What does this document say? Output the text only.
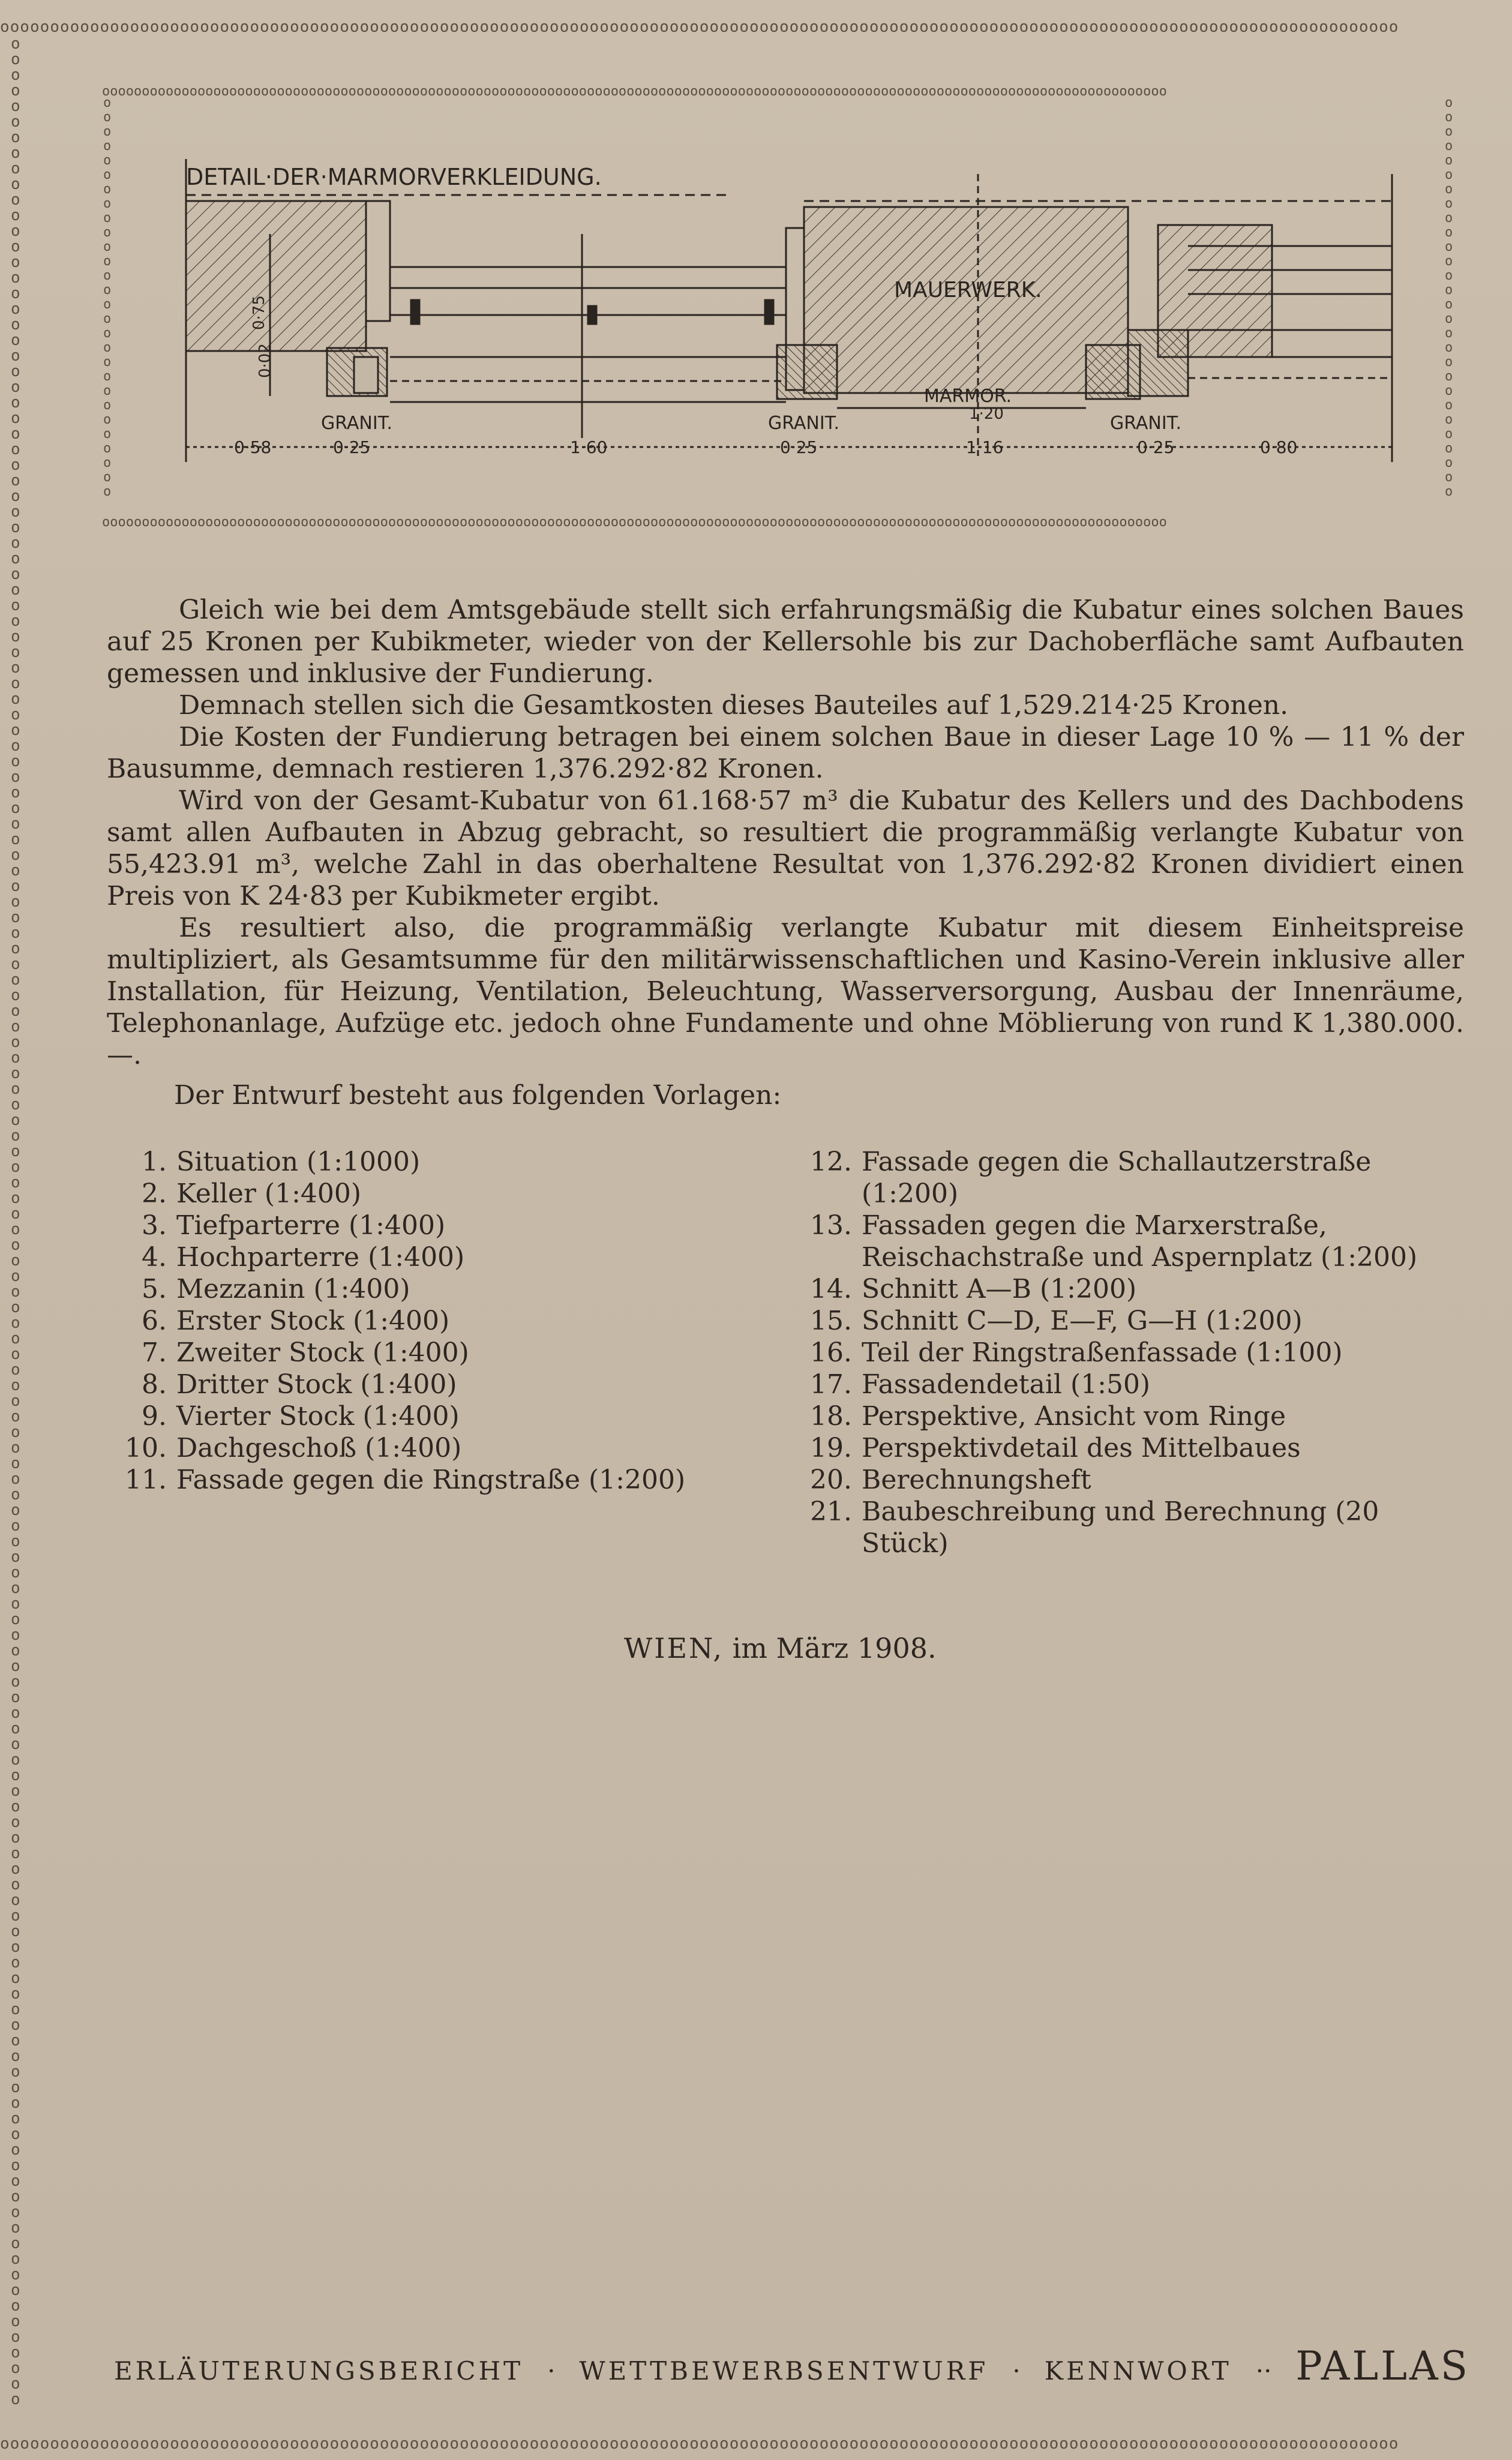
oooooooooooooooooooooooooooooooooooooooooooooooooooooooooooooooooooooooooooooooooooooooooooooooooooooooooooooooooooooooooooooooooooooooooooo
oooooooooooooooooooooooooooooooooooooooooooooooooooooooooooooooooooooooooooooooooooooooooooooooooooooooooooooooooooooooooooooooooooooooooooo
oooooooooooooooooooooooooooooooooooooooooooooooooooooooooooooooooooooooooooooooooooooooooooooooooooooooooooooooooooooooooooooooooooooooooooooooooooooooo
oooooooooooooooooooooooooooooooooooooooooooooooooooooooooooooooooooooooooooooooooooooooooooooooooooooooooooooooooooooooooooooooooooooo
oooooooooooooooooooooooooooooooooooooooooooooooooooooooooooooooooooooooooooooooooooooooooooooooooooooooooooooooooooooooooooooooooooooo
oooooooooooooooooooooooooooo
oooooooooooooooooooooooooooo
DETAIL·DER·MARMORVERKLEIDUNG.
MAUERWERK.
MARMOR.
1·20
GRANIT.	GRANIT.	GRANIT.
0·75
0·02
0·58	0·25	1·60	0·25	1·16	0·25	0·80

Gleich wie bei dem Amtsgebäude stellt sich erfahrungsmäßig die Kubatur eines solchen Baues auf 25 Kronen per Kubikmeter, wieder von der Kellersohle bis zur Dachoberfläche samt Aufbauten gemessen und inklusive der Fundierung.

Demnach stellen sich die Gesamtkosten dieses Bauteiles auf 1,529.214·25 Kronen.

Die Kosten der Fundierung betragen bei einem solchen Baue in dieser Lage 10 % — 11 % der Bausumme, demnach restieren 1,376.292·82 Kronen.

Wird von der Gesamt-Kubatur von 61.168·57 m³ die Kubatur des Kellers und des Dachbodens samt allen Aufbauten in Abzug gebracht, so resultiert die programmäßig verlangte Kubatur von 55,423.91 m³, welche Zahl in das oberhaltene Resultat von 1,376.292·82 Kronen dividiert einen Preis von K 24·83 per Kubikmeter ergibt.

Es resultiert also, die programmäßig verlangte Kubatur mit diesem Einheitspreise multipliziert, als Gesamtsumme für den militärwissenschaftlichen und Kasino-Verein inklusive aller Installation, für Heizung, Ventilation, Beleuchtung, Wasserversorgung, Ausbau der Innenräume, Telephonanlage, Aufzüge etc. jedoch ohne Fundamente und ohne Möblierung von rund K 1,380.000.—.

Der Entwurf besteht aus folgenden Vorlagen:
1. Situation (1:1000)
2. Keller (1:400)
3. Tiefparterre (1:400)
4. Hochparterre (1:400)
5. Mezzanin (1:400)
6. Erster Stock (1:400)
7. Zweiter Stock (1:400)
8. Dritter Stock (1:400)
9. Vierter Stock (1:400)
10. Dachgeschoß (1:400)
11. Fassade gegen die Ringstraße (1:200)
12. Fassade gegen die Schallautzerstraße (1:200)
13. Fassaden gegen die Marxerstraße, Reischachstraße und Aspernplatz (1:200)
14. Schnitt A—B (1:200)
15. Schnitt C—D, E—F, G—H (1:200)
16. Teil der Ringstraßenfassade (1:100)
17. Fassadendetail (1:50)
18. Perspektive, Ansicht vom Ringe
19. Perspektivdetail des Mittelbaues
20. Berechnungsheft
21. Baubeschreibung und Berechnung (20 Stück)
WIEN, im März 1908.
ERLÄUTERUNGSBERICHT · WETTBEWERBSENTWURF · KENNWORT ·· PALLAS
